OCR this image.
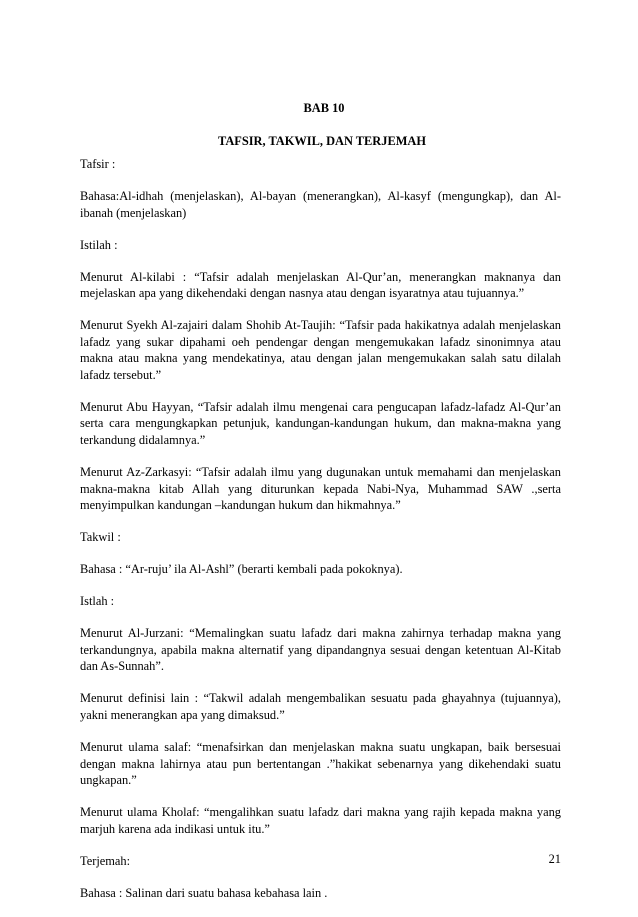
BAB 10
TAFSIR, TAKWIL, DAN TERJEMAH

Tafsir :

Bahasa:Al-idhah (menjelaskan), Al-bayan (menerangkan), Al-kasyf (mengungkap), dan Al-ibanah (menjelaskan)

Istilah :

Menurut Al-kilabi : “Tafsir adalah menjelaskan Al-Qur’an, menerangkan maknanya dan mejelaskan apa yang dikehendaki dengan nasnya atau dengan isyaratnya atau tujuannya.”

Menurut Syekh Al-zajairi dalam Shohib At-Taujih: “Tafsir pada hakikatnya adalah menjelaskan lafadz yang sukar dipahami oeh pendengar dengan mengemukakan lafadz sinonimnya atau makna atau makna yang mendekatinya, atau dengan jalan mengemukakan salah satu dilalah lafadz tersebut.”

Menurut Abu Hayyan, “Tafsir adalah ilmu mengenai cara pengucapan lafadz-lafadz Al-Qur’an serta cara mengungkapkan petunjuk, kandungan-kandungan hukum, dan makna-makna yang terkandung didalamnya.”

Menurut Az-Zarkasyi: “Tafsir adalah ilmu yang dugunakan untuk memahami dan menjelaskan makna-makna kitab Allah yang diturunkan kepada Nabi-Nya, Muhammad SAW .,serta menyimpulkan kandungan –kandungan hukum dan hikmahnya.”

Takwil :

Bahasa : “Ar-ruju’ ila Al-Ashl” (berarti kembali pada pokoknya).

Istlah :

Menurut Al-Jurzani: “Memalingkan suatu lafadz dari makna zahirnya terhadap makna yang terkandungnya, apabila makna alternatif yang dipandangnya sesuai dengan ketentuan Al-Kitab dan As-Sunnah”.

Menurut definisi lain : “Takwil adalah mengembalikan sesuatu pada ghayahnya (tujuannya), yakni menerangkan apa yang dimaksud.”

Menurut ulama salaf: “menafsirkan dan menjelaskan makna suatu ungkapan, baik bersesuai dengan makna lahirnya atau pun bertentangan .”hakikat sebenarnya yang dikehendaki suatu ungkapan.”

Menurut ulama Kholaf: “mengalihkan suatu lafadz dari makna yang rajih kepada makna yang marjuh karena ada indikasi untuk itu.”

Terjemah:

Bahasa : Salinan dari suatu bahasa kebahasa lain .

21
